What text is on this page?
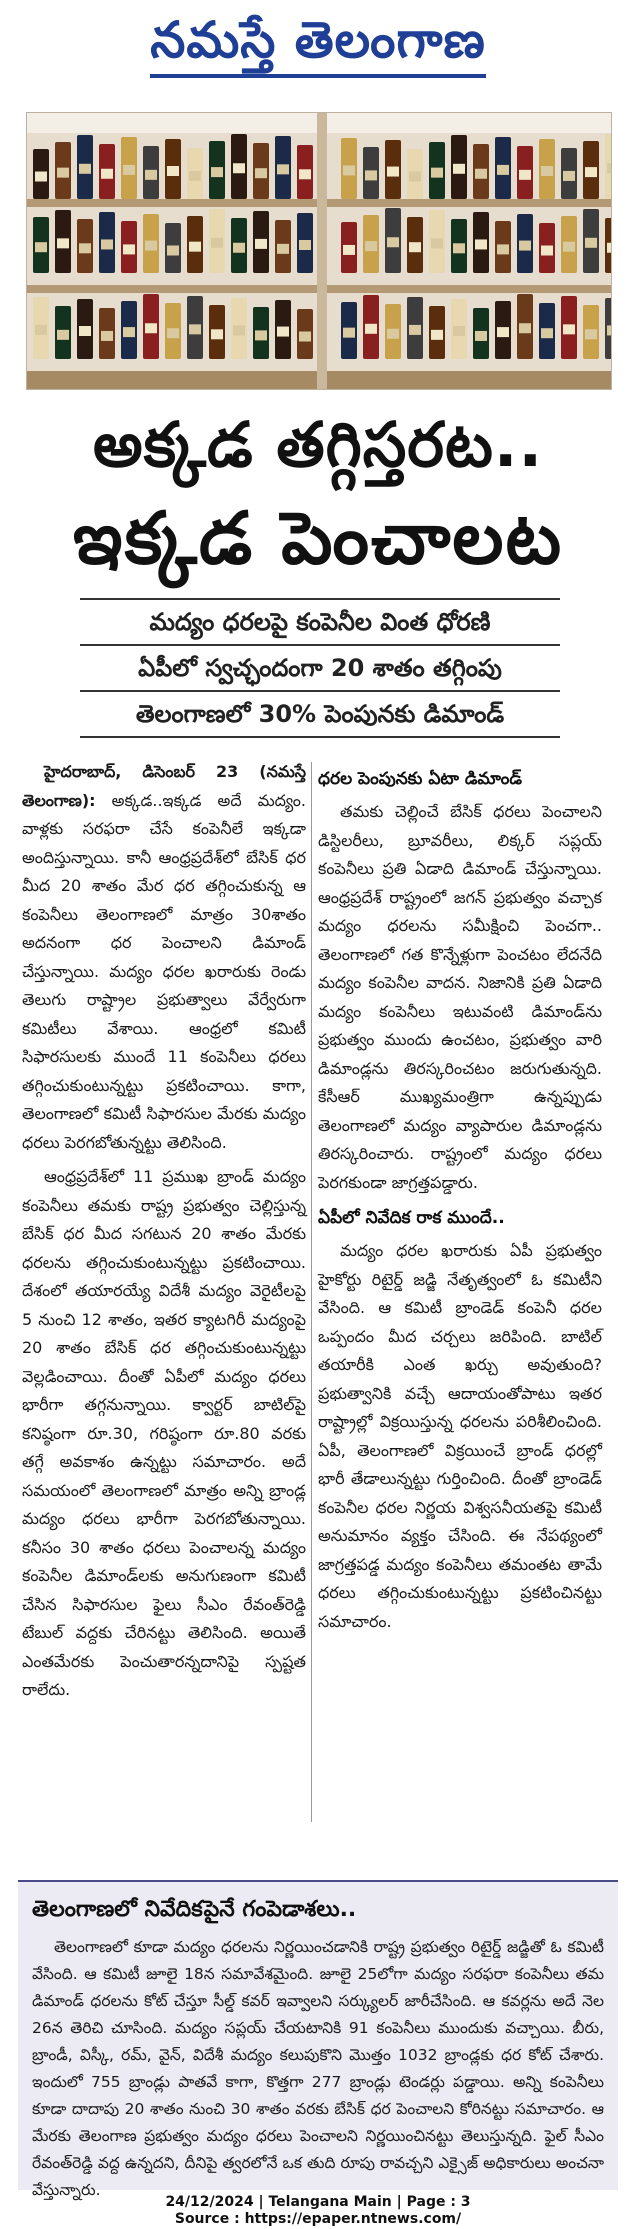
నమస్తే తెలంగాణ
అక్కడ తగ్గిస్తరట..
ఇక్కడ పెంచాలట
మద్యం ధరలపై కంపెనీల వింత ధోరణి
ఏపీలో స్వచ్ఛందంగా 20 శాతం తగ్గింపు
తెలంగాణలో 30% పెంపునకు డిమాండ్

హైదరాబాద్, డిసెంబర్ 23 (నమస్తే తెలంగాణ): అక్కడ..ఇక్కడ అదే మద్యం. వాళ్లకు సరఫరా చేసే కంపెనీలే ఇక్కడా అందిస్తున్నాయి. కానీ ఆంధ్రప్రదేశ్‌లో బేసిక్ ధర మీద 20 శాతం మేర ధర తగ్గించుకున్న ఆ కంపెనీలు తెలంగాణలో మాత్రం 30శాతం అదనంగా ధర పెంచాలని డిమాండ్ చేస్తున్నాయి. మద్యం ధరల ఖరారుకు రెండు తెలుగు రాష్ట్రాల ప్రభుత్వాలు వేర్వేరుగా కమిటీలు వేశాయి. ఆంధ్రలో కమిటీ సిఫారసులకు ముందే 11 కంపెనీలు ధరలు తగ్గించుకుంటున్నట్టు ప్రకటించాయి. కాగా, తెలంగాణలో కమిటీ సిఫారసుల మేరకు మద్యం ధరలు పెరగబోతున్నట్టు తెలిసింది.

ఆంధ్రప్రదేశ్‌లో 11 ప్రముఖ బ్రాండ్ మద్యం కంపెనీలు తమకు రాష్ట్ర ప్రభుత్వం చెల్లిస్తున్న బేసిక్ ధర మీద సగటున 20 శాతం మేరకు ధరలను తగ్గించుకుంటున్నట్టు ప్రకటించాయి. దేశంలో తయారయ్యే విదేశీ మద్యం వెరైటీలపై 5 నుంచి 12 శాతం, ఇతర క్యాటగిరీ మద్యంపై 20 శాతం బేసిక్ ధర తగ్గించుకుంటున్నట్టు వెల్లడించాయి. దీంతో ఏపీలో మద్యం ధరలు భారీగా తగ్గనున్నాయి. క్వార్టర్ బాటిల్‌పై కనిష్ఠంగా రూ.30, గరిష్ఠంగా రూ.80 వరకు తగ్గే అవకాశం ఉన్నట్టు సమాచారం. అదే సమయంలో తెలంగాణలో మాత్రం అన్ని బ్రాండ్ల మద్యం ధరలు భారీగా పెరగబోతున్నాయి. కనీసం 30 శాతం ధరలు పెంచాలన్న మద్యం కంపెనీల డిమాండ్‌లకు అనుగుణంగా కమిటీ చేసిన సిఫారసుల ఫైలు సీఎం రేవంత్‌రెడ్డి టేబుల్ వద్దకు చేరినట్టు తెలిసింది. అయితే ఎంతమేరకు పెంచుతారన్నదానిపై స్పష్టత రాలేదు.

ధరల పెంపునకు ఏటా డిమాండ్

తమకు చెల్లించే బేసిక్ ధరలు పెంచాలని డిస్టిలరీలు, బ్రూవరీలు, లిక్కర్ సప్లయ్ కంపెనీలు ప్రతి ఏడాది డిమాండ్ చేస్తున్నాయి. ఆంధ్రప్రదేశ్ రాష్ట్రంలో జగన్ ప్రభుత్వం వచ్చాక మద్యం ధరలను సమీక్షించి పెంచగా.. తెలంగాణలో గత కొన్నేళ్లుగా పెంచటం లేదనేది మద్యం కంపెనీల వాదన. నిజానికి ప్రతి ఏడాది మద్యం కంపెనీలు ఇటువంటి డిమాండ్‌ను ప్రభుత్వం ముందు ఉంచటం, ప్రభుత్వం వారి డిమాండ్లను తిరస్కరించటం జరుగుతున్నది. కేసీఆర్ ముఖ్యమంత్రిగా ఉన్నప్పుడు తెలంగాణలో మద్యం వ్యాపారుల డిమాండ్లను తిరస్కరించారు. రాష్ట్రంలో మద్యం ధరలు పెరగకుండా జాగ్రత్తపడ్డారు.

ఏపీలో నివేదిక రాక ముందే..

మద్యం ధరల ఖరారుకు ఏపీ ప్రభుత్వం హైకోర్టు రిటైర్డ్ జడ్జి నేతృత్వంలో ఓ కమిటీని వేసింది. ఆ కమిటీ బ్రాండెడ్ కంపెనీ ధరల ఒప్పందం మీద చర్చలు జరిపింది. బాటిల్ తయారీకి ఎంత ఖర్చు అవుతుంది? ప్రభుత్వానికి వచ్చే ఆదాయంతోపాటు ఇతర రాష్ట్రాల్లో విక్రయిస్తున్న ధరలను పరిశీలించింది. ఏపీ, తెలంగాణలో విక్రయించే బ్రాండ్ ధరల్లో భారీ తేడాలున్నట్టు గుర్తించింది. దీంతో బ్రాండెడ్ కంపెనీల ధరల నిర్ణయ విశ్వసనీయతపై కమిటీ అనుమానం వ్యక్తం చేసింది. ఈ నేపథ్యంలో జాగ్రత్తపడ్డ మద్యం కంపెనీలు తమంతట తామే ధరలు తగ్గించుకుంటున్నట్టు ప్రకటించినట్టు సమాచారం.

తెలంగాణలో నివేదికపైనే గంపెడాశలు..

తెలంగాణలో కూడా మద్యం ధరలను నిర్ణయించడానికి రాష్ట్ర ప్రభుత్వం రిటైర్డ్ జడ్జితో ఓ కమిటీ వేసింది. ఆ కమిటీ జూలై 18న సమావేశమైంది. జూలై 25లోగా మద్యం సరఫరా కంపెనీలు తమ డిమాండ్ ధరలను కోట్ చేస్తూ సీల్డ్ కవర్ ఇవ్వాలని సర్క్యులర్ జారీచేసింది. ఆ కవర్లను అదే నెల 26న తెరిచి చూసింది. మద్యం సప్లయ్ చేయటానికి 91 కంపెనీలు ముందుకు వచ్చాయి. బీరు, బ్రాండీ, విస్కీ, రమ్, వైన్, విదేశీ మద్యం కలుపుకొని మొత్తం 1032 బ్రాండ్లకు ధర కోట్ చేశారు. ఇందులో 755 బ్రాండ్లు పాతవే కాగా, కొత్తగా 277 బ్రాండ్లు టెండర్లు పడ్డాయి. అన్ని కంపెనీలు కూడా దాదాపు 20 శాతం నుంచి 30 శాతం వరకు బేసిక్ ధర పెంచాలని కోరినట్టు సమాచారం. ఆ మేరకు తెలంగాణ ప్రభుత్వం మద్యం ధరలు పెంచాలని నిర్ణయించినట్టు తెలుస్తున్నది. ఫైల్ సీఎం రేవంత్‌రెడ్డి వద్ద ఉన్నదని, దీనిపై త్వరలోనే ఒక తుది రూపు రావచ్చని ఎక్సైజ్ అధికారులు అంచనా వేస్తున్నారు.

24/12/2024 | Telangana Main | Page : 3
Source : https://epaper.ntnews.com/
